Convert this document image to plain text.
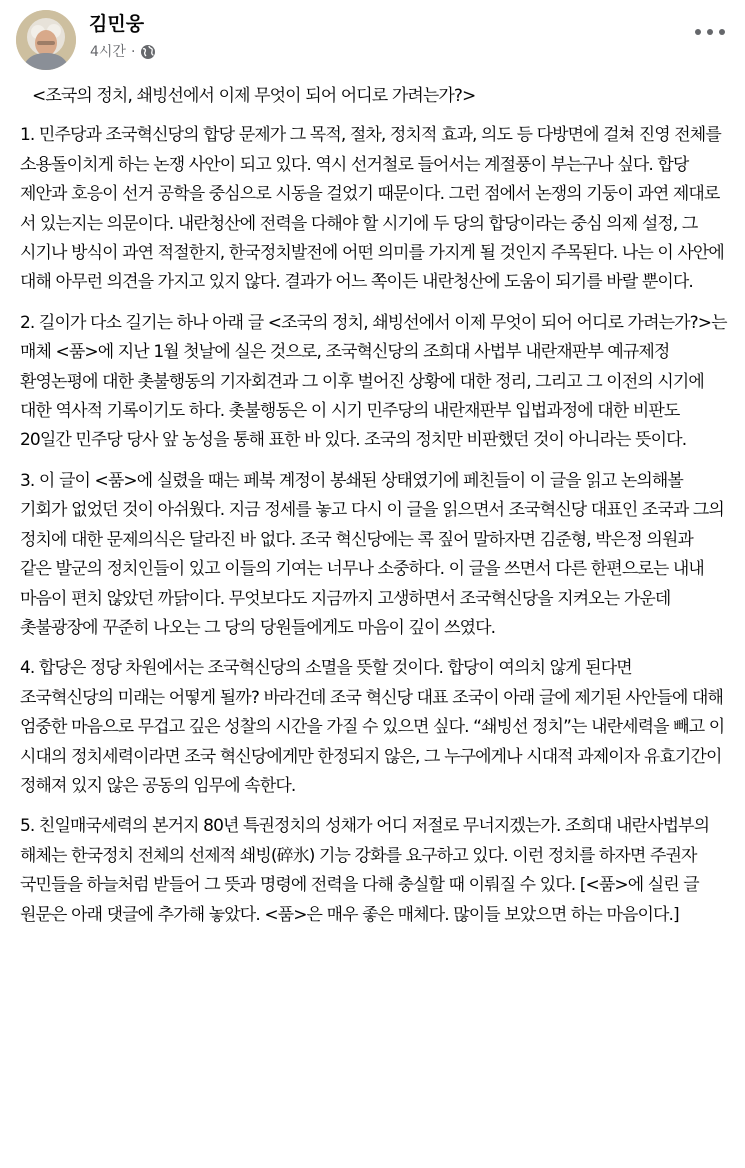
김민웅
4시간 ·

<조국의 정치, 쇄빙선에서 이제 무엇이 되어 어디로 가려는가?>

1. 민주당과 조국혁신당의 합당 문제가 그 목적, 절차, 정치적 효과, 의도 등 다방면에 걸쳐 진영 전체를 소용돌이치게 하는 논쟁 사안이 되고 있다. 역시 선거철로 들어서는 계절풍이 부는구나 싶다. 합당 제안과 호응이 선거 공학을 중심으로 시동을 걸었기 때문이다. 그런 점에서 논쟁의 기둥이 과연 제대로 서 있는지는 의문이다. 내란청산에 전력을 다해야 할 시기에 두 당의 합당이라는 중심 의제 설정, 그 시기나 방식이 과연 적절한지, 한국정치발전에 어떤 의미를 가지게 될 것인지 주목된다. 나는 이 사안에 대해 아무런 의견을 가지고 있지 않다. 결과가 어느 쪽이든 내란청산에 도움이 되기를 바랄 뿐이다.

2. 길이가 다소 길기는 하나 아래 글 <조국의 정치, 쇄빙선에서 이제 무엇이 되어 어디로 가려는가?>는 매체 <품>에 지난 1월 첫날에 실은 것으로, 조국혁신당의 조희대 사법부 내란재판부 예규제정 환영논평에 대한 촛불행동의 기자회견과 그 이후 벌어진 상황에 대한 정리, 그리고 그 이전의 시기에 대한 역사적 기록이기도 하다. 촛불행동은 이 시기 민주당의 내란재판부 입법과정에 대한 비판도 20일간 민주당 당사 앞 농성을 통해 표한 바 있다. 조국의 정치만 비판했던 것이 아니라는 뜻이다.

3. 이 글이 <품>에 실렸을 때는 페북 계정이 봉쇄된 상태였기에 페친들이 이 글을 읽고 논의해볼 기회가 없었던 것이 아쉬웠다. 지금 정세를 놓고 다시 이 글을 읽으면서 조국혁신당 대표인 조국과 그의 정치에 대한 문제의식은 달라진 바 없다. 조국 혁신당에는 콕 짚어 말하자면 김준형, 박은정 의원과 같은 발군의 정치인들이 있고 이들의 기여는 너무나 소중하다. 이 글을 쓰면서 다른 한편으로는 내내 마음이 편치 않았던 까닭이다. 무엇보다도 지금까지 고생하면서 조국혁신당을 지켜오는 가운데 촛불광장에 꾸준히 나오는 그 당의 당원들에게도 마음이 깊이 쓰였다.

4. 합당은 정당 차원에서는 조국혁신당의 소멸을 뜻할 것이다. 합당이 여의치 않게 된다면 조국혁신당의 미래는 어떻게 될까? 바라건데 조국 혁신당 대표 조국이 아래 글에 제기된 사안들에 대해 엄중한 마음으로 무겁고 깊은 성찰의 시간을 가질 수 있으면 싶다. “쇄빙선 정치”는 내란세력을 빼고 이 시대의 정치세력이라면 조국 혁신당에게만 한정되지 않은, 그 누구에게나 시대적 과제이자 유효기간이 정해져 있지 않은 공동의 임무에 속한다.

5. 친일매국세력의 본거지 80년 특권정치의 성채가 어디 저절로 무너지겠는가. 조희대 내란사법부의 해체는 한국정치 전체의 선제적 쇄빙(碎氷) 기능 강화를 요구하고 있다. 이런 정치를 하자면 주권자 국민들을 하늘처럼 받들어 그 뜻과 명령에 전력을 다해 충실할 때 이뤄질 수 있다. [<품>에 실린 글 원문은 아래 댓글에 추가해 놓았다. <품>은 매우 좋은 매체다. 많이들 보았으면 하는 마음이다.]
